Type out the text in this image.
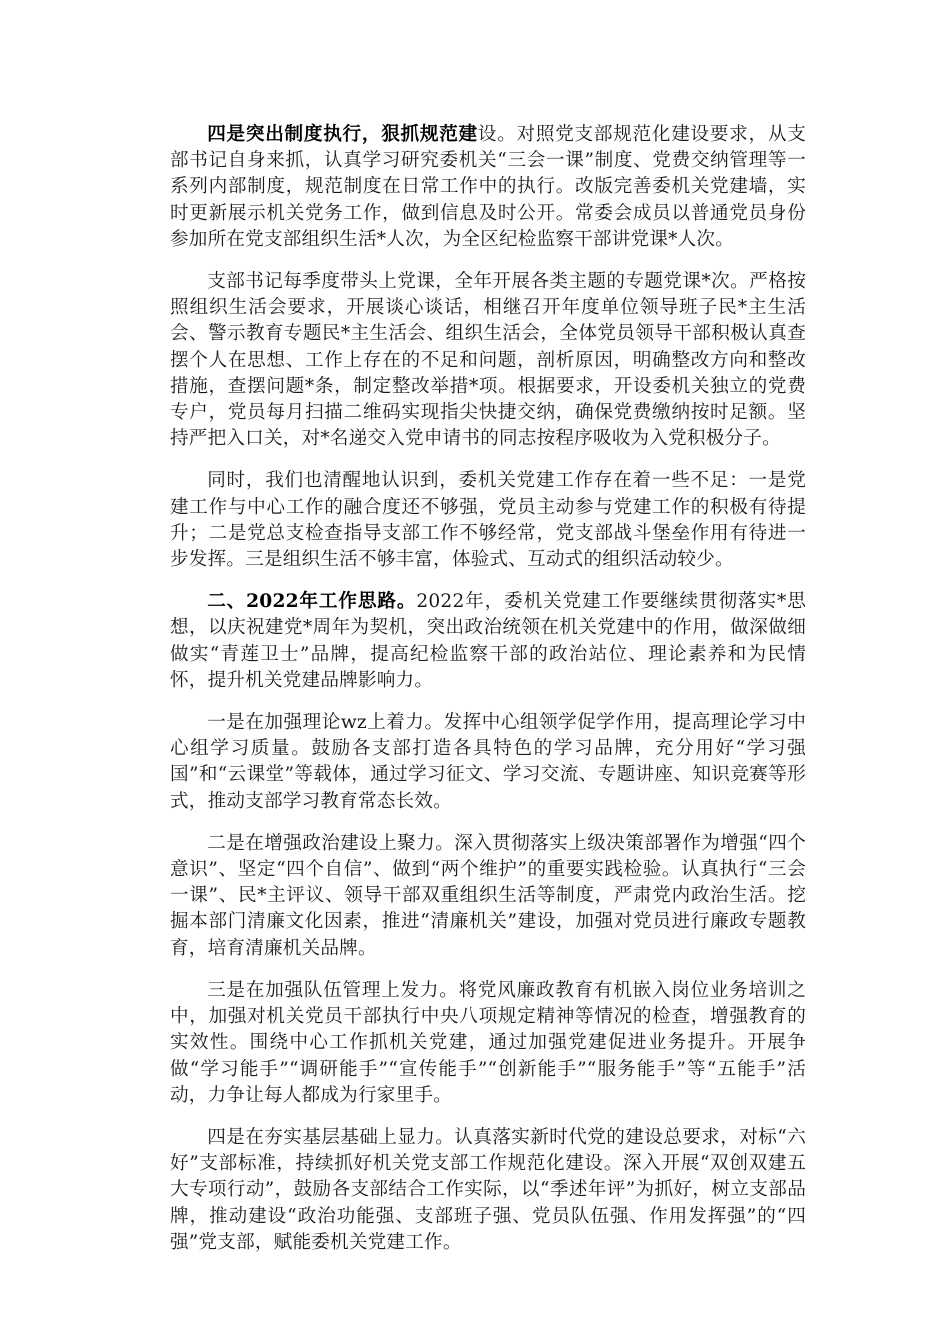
四是突出制度执行，狠抓规范建设。对照党支部规范化建设要求，从支部书记自身来抓，认真学习研究委机关“三会一课”制度、党费交纳管理等一系列内部制度，规范制度在日常工作中的执行。改版完善委机关党建墙，实时更新展示机关党务工作，做到信息及时公开。常委会成员以普通党员身份参加所在党支部组织生活*人次，为全区纪检监察干部讲党课*人次。

支部书记每季度带头上党课，全年开展各类主题的专题党课*次。严格按照组织生活会要求，开展谈心谈话，相继召开年度单位领导班子民*主生活会、警示教育专题民*主生活会、组织生活会，全体党员领导干部积极认真查摆个人在思想、工作上存在的不足和问题，剖析原因，明确整改方向和整改措施，查摆问题*条，制定整改举措*项。根据要求，开设委机关独立的党费专户，党员每月扫描二维码实现指尖快捷交纳，确保党费缴纳按时足额。坚持严把入口关，对*名递交入党申请书的同志按程序吸收为入党积极分子。

同时，我们也清醒地认识到，委机关党建工作存在着一些不足：一是党建工作与中心工作的融合度还不够强，党员主动参与党建工作的积极有待提升；二是党总支检查指导支部工作不够经常，党支部战斗堡垒作用有待进一步发挥。三是组织生活不够丰富，体验式、互动式的组织活动较少。

二、2022年工作思路。2022年，委机关党建工作要继续贯彻落实*思想，以庆祝建党*周年为契机，突出政治统领在机关党建中的作用，做深做细做实“青莲卫士”品牌，提高纪检监察干部的政治站位、理论素养和为民情怀，提升机关党建品牌影响力。

一是在加强理论wz上着力。发挥中心组领学促学作用，提高理论学习中心组学习质量。鼓励各支部打造各具特色的学习品牌，充分用好“学习强国”和“云课堂”等载体，通过学习征文、学习交流、专题讲座、知识竞赛等形式，推动支部学习教育常态长效。

二是在增强政治建设上聚力。深入贯彻落实上级决策部署作为增强“四个意识”、坚定“四个自信”、做到“两个维护”的重要实践检验。认真执行“三会一课”、民*主评议、领导干部双重组织生活等制度，严肃党内政治生活。挖掘本部门清廉文化因素，推进“清廉机关”建设，加强对党员进行廉政专题教育，培育清廉机关品牌。

三是在加强队伍管理上发力。将党风廉政教育有机嵌入岗位业务培训之中，加强对机关党员干部执行中央八项规定精神等情况的检查，增强教育的实效性。围绕中心工作抓机关党建，通过加强党建促进业务提升。开展争做“学习能手”“调研能手”“宣传能手”“创新能手”“服务能手”等“五能手”活动，力争让每人都成为行家里手。

四是在夯实基层基础上显力。认真落实新时代党的建设总要求，对标“六好”支部标准，持续抓好机关党支部工作规范化建设。深入开展“双创双建五大专项行动”，鼓励各支部结合工作实际，以“季述年评”为抓好，树立支部品牌，推动建设“政治功能强、支部班子强、党员队伍强、作用发挥强”的“四强”党支部，赋能委机关党建工作。
